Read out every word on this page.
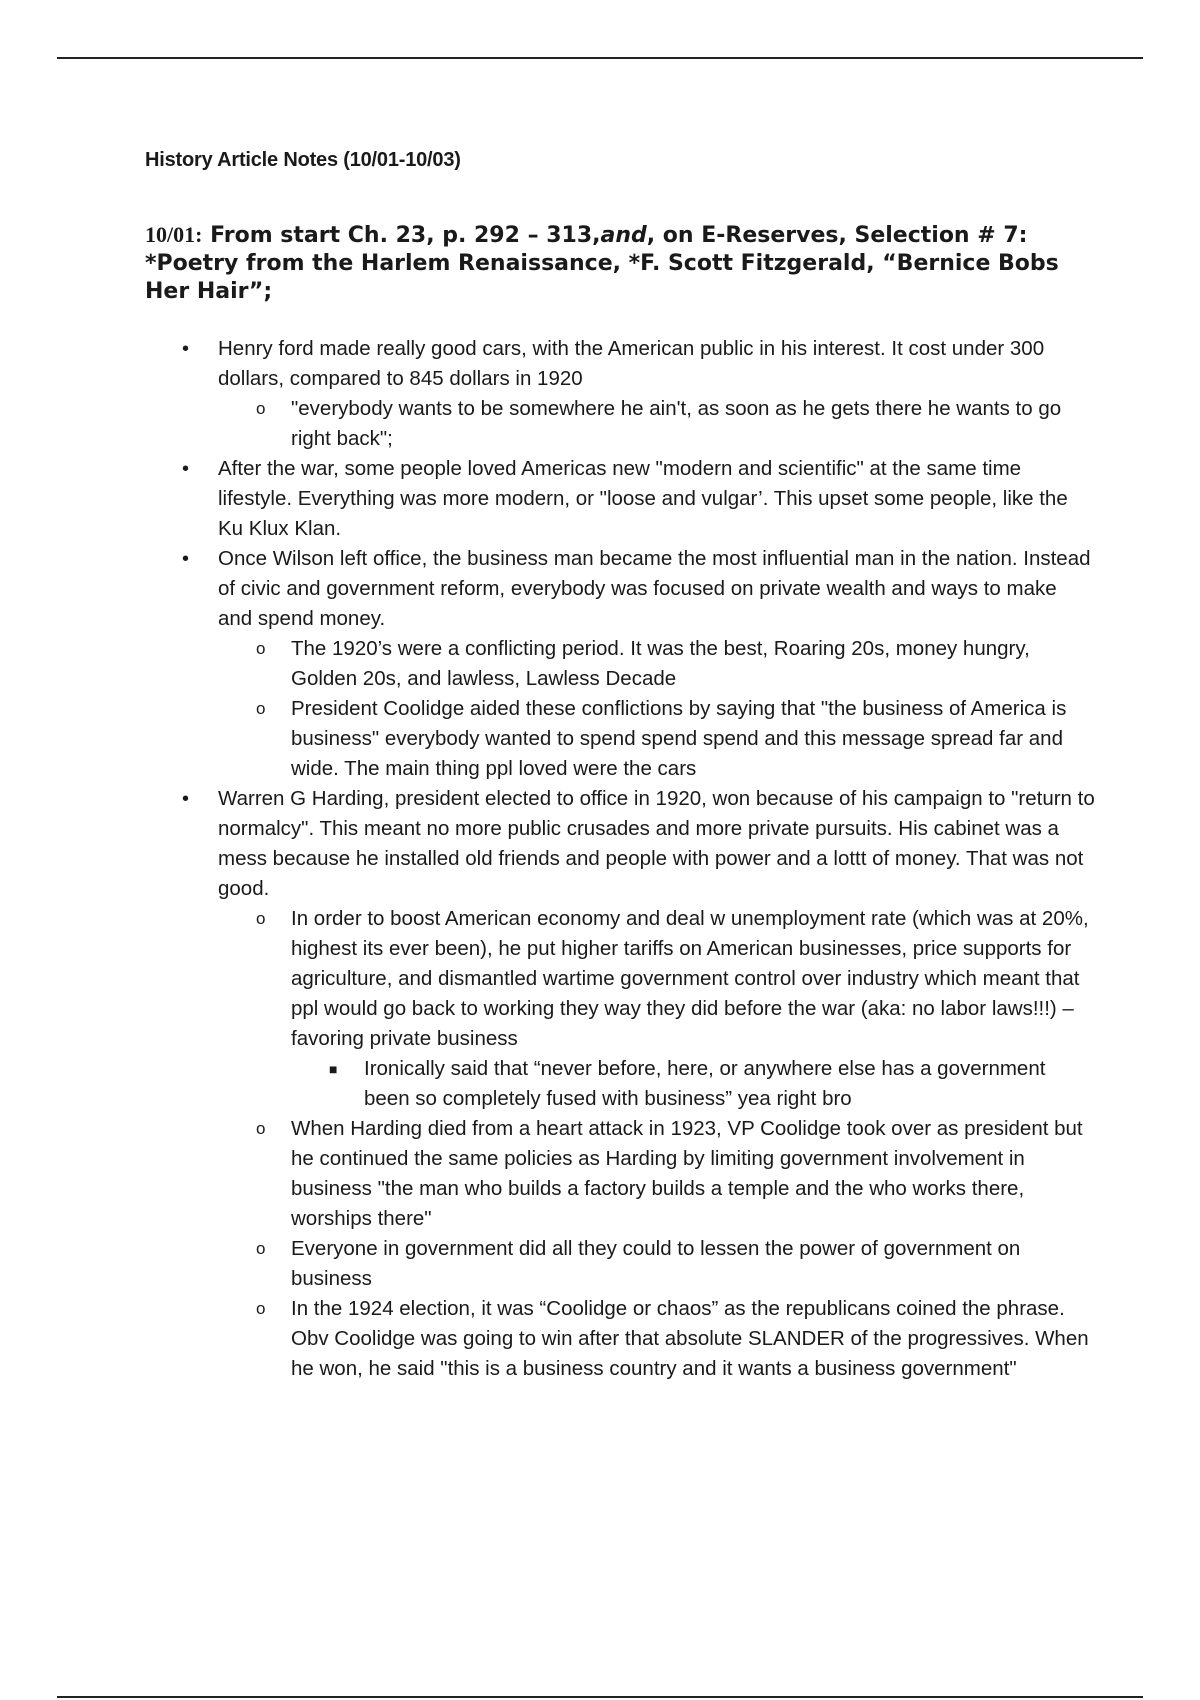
History Article Notes (10/01-10/03)

10/01: From start Ch. 23, p. 292 – 313,and, on E-Reserves, Selection # 7: *Poetry from the Harlem Renaissance, *F. Scott Fitzgerald, “Bernice Bobs Her Hair”;
• Henry ford made really good cars, with the American public in his interest. It cost under 300 dollars, compared to 845 dollars in 1920
o "everybody wants to be somewhere he ain't, as soon as he gets there he wants to go right back";
• After the war, some people loved Americas new "modern and scientific" at the same time lifestyle. Everything was more modern, or "loose and vulgar’. This upset some people, like the Ku Klux Klan.
• Once Wilson left office, the business man became the most influential man in the nation. Instead of civic and government reform, everybody was focused on private wealth and ways to make and spend money.
o The 1920’s were a conflicting period. It was the best, Roaring 20s, money hungry, Golden 20s, and lawless, Lawless Decade
o President Coolidge aided these conflictions by saying that "the business of America is business" everybody wanted to spend spend spend and this message spread far and wide. The main thing ppl loved were the cars
• Warren G Harding, president elected to office in 1920, won because of his campaign to "return to normalcy". This meant no more public crusades and more private pursuits. His cabinet was a mess because he installed old friends and people with power and a lottt of money. That was not good.
o In order to boost American economy and deal w unemployment rate (which was at 20%, highest its ever been), he put higher tariffs on American businesses, price supports for agriculture, and dismantled wartime government control over industry which meant that ppl would go back to working they way they did before the war (aka: no labor laws!!!) – favoring private business
■ Ironically said that “never before, here, or anywhere else has a government been so completely fused with business” yea right bro
o When Harding died from a heart attack in 1923, VP Coolidge took over as president but he continued the same policies as Harding by limiting government involvement in business "the man who builds a factory builds a temple and the who works there, worships there"
o Everyone in government did all they could to lessen the power of government on business
o In the 1924 election, it was “Coolidge or chaos” as the republicans coined the phrase. Obv Coolidge was going to win after that absolute SLANDER of the progressives. When he won, he said "this is a business country and it wants a business government"
